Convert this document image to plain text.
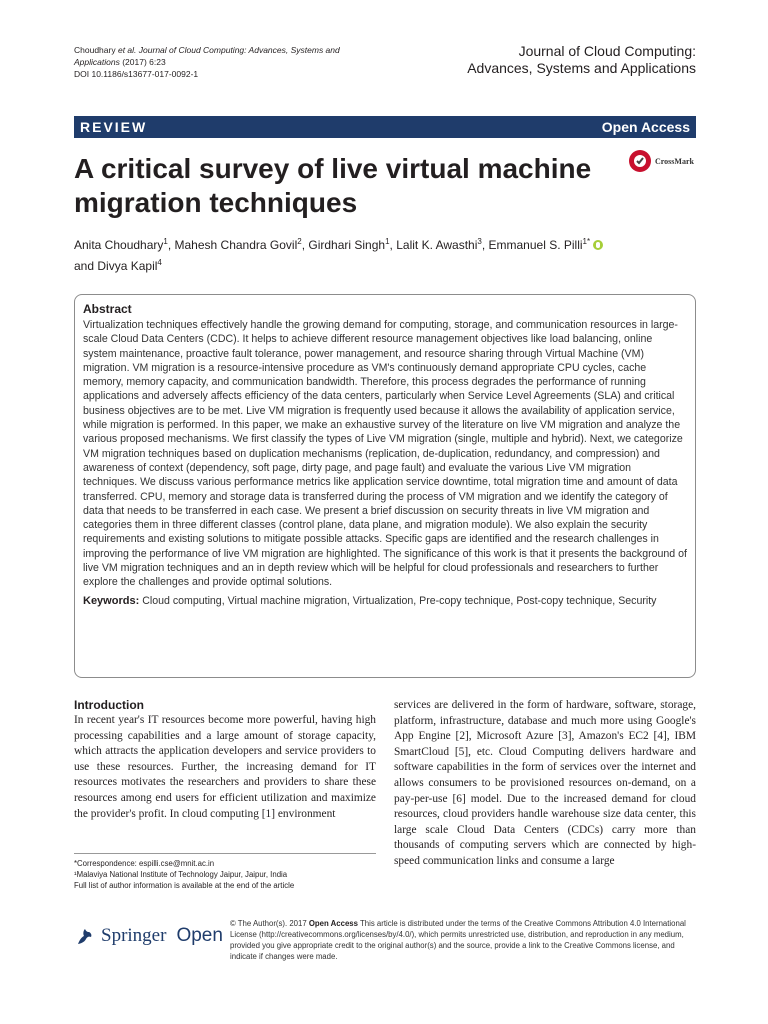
Choudhary et al. Journal of Cloud Computing: Advances, Systems and Applications (2017) 6:23
DOI 10.1186/s13677-017-0092-1
Journal of Cloud Computing:
Advances, Systems and Applications
REVIEW	Open Access
A critical survey of live virtual machine
migration techniques
CrossMark
Anita Choudhary$^1$, Mahesh Chandra Govil$^2$, Girdhari Singh$^1$, Lalit K. Awasthi$^3$, Emmanuel S. Pilli$^{1*}$
and Divya Kapil$^4$
Abstract

Virtualization techniques effectively handle the growing demand for computing, storage, and communication resources in large-scale Cloud Data Centers (CDC). It helps to achieve different resource management objectives like load balancing, online system maintenance, proactive fault tolerance, power management, and resource sharing through Virtual Machine (VM) migration. VM migration is a resource-intensive procedure as VM's continuously demand appropriate CPU cycles, cache memory, memory capacity, and communication bandwidth. Therefore, this process degrades the performance of running applications and adversely affects efficiency of the data centers, particularly when Service Level Agreements (SLA) and critical business objectives are to be met. Live VM migration is frequently used because it allows the availability of application service, while migration is performed. In this paper, we make an exhaustive survey of the literature on live VM migration and analyze the various proposed mechanisms. We first classify the types of Live VM migration (single, multiple and hybrid). Next, we categorize VM migration techniques based on duplication mechanisms (replication, de-duplication, redundancy, and compression) and awareness of context (dependency, soft page, dirty page, and page fault) and evaluate the various Live VM migration techniques. We discuss various performance metrics like application service downtime, total migration time and amount of data transferred. CPU, memory and storage data is transferred during the process of VM migration and we identify the category of data that needs to be transferred in each case. We present a brief discussion on security threats in live VM migration and categories them in three different classes (control plane, data plane, and migration module). We also explain the security requirements and existing solutions to mitigate possible attacks. Specific gaps are identified and the research challenges in improving the performance of live VM migration are highlighted. The significance of this work is that it presents the background of live VM migration techniques and an in depth review which will be helpful for cloud professionals and researchers to further explore the challenges and provide optimal solutions.

Keywords: Cloud computing, Virtual machine migration, Virtualization, Pre-copy technique, Post-copy technique, Security
Introduction

In recent year's IT resources become more powerful, having high processing capabilities and a large amount of storage capacity, which attracts the application developers and service providers to use these resources. Further, the increasing demand for IT resources motivates the researchers and providers to share these resources among end users for efficient utilization and maximize the provider's profit. In cloud computing [1] environment

services are delivered in the form of hardware, software, storage, platform, infrastructure, database and much more using Google's App Engine [2], Microsoft Azure [3], Amazon's EC2 [4], IBM SmartCloud [5], etc. Cloud Computing delivers hardware and software capabilities in the form of services over the internet and allows consumers to be provisioned resources on-demand, on a pay-per-use [6] model. Due to the increased demand for cloud resources, cloud providers handle warehouse size data center, this large scale Cloud Data Centers (CDCs) carry more than thousands of computing servers which are connected by high-speed communication links and consume a large

*Correspondence: espilli.cse@mnit.ac.in
¹Malaviya National Institute of Technology Jaipur, Jaipur, India
Full list of author information is available at the end of the article
Springer Open
© The Author(s). 2017 Open Access This article is distributed under the terms of the Creative Commons Attribution 4.0 International License (http://creativecommons.org/licenses/by/4.0/), which permits unrestricted use, distribution, and reproduction in any medium, provided you give appropriate credit to the original author(s) and the source, provide a link to the Creative Commons license, and indicate if changes were made.
